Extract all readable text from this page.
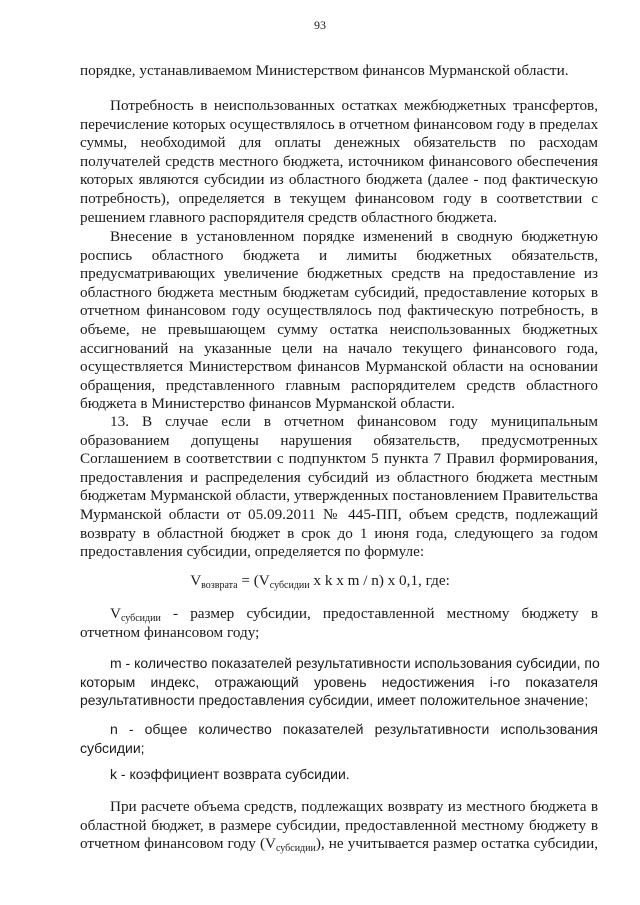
93
порядке, устанавливаемом Министерством финансов Мурманской области.
Потребность в неиспользованных остатках межбюджетных трансфертов,
перечисление которых осуществлялось в отчетном финансовом году в пределах
суммы, необходимой для оплаты денежных обязательств по расходам
получателей средств местного бюджета, источником финансового обеспечения
которых являются субсидии из областного бюджета (далее - под фактическую
потребность), определяется в текущем финансовом году в соответствии с
решением главного распорядителя средств областного бюджета.
Внесение в установленном порядке изменений в сводную бюджетную
роспись областного бюджета и лимиты бюджетных обязательств,
предусматривающих увеличение бюджетных средств на предоставление из
областного бюджета местным бюджетам субсидий, предоставление которых в
отчетном финансовом году осуществлялось под фактическую потребность, в
объеме, не превышающем сумму остатка неиспользованных бюджетных
ассигнований на указанные цели на начало текущего финансового года,
осуществляется Министерством финансов Мурманской области на основании
обращения, представленного главным распорядителем средств областного
бюджета в Министерство финансов Мурманской области.
13. В случае если в отчетном финансовом году муниципальным
образованием допущены нарушения обязательств, предусмотренных
Соглашением в соответствии с подпунктом 5 пункта 7 Правил формирования,
предоставления и распределения субсидий из областного бюджета местным
бюджетам Мурманской области, утвержденных постановлением Правительства
Мурманской области от 05.09.2011 № 445-ПП, объем средств, подлежащий
возврату в областной бюджет в срок до 1 июня года, следующего за годом
предоставления субсидии, определяется по формуле:
$V_{возврата} = (V_{субсидии}$ x k x m / n) x 0,1, где:
$V_{субсидии}$ - размер субсидии, предоставленной местному бюджету в
отчетном финансовом году;
m - количество показателей результативности использования субсидии, по
которым индекс, отражающий уровень недостижения i-го показателя
результативности предоставления субсидии, имеет положительное значение;
n - общее количество показателей результативности использования
субсидии;
k - коэффициент возврата субсидии.
При расчете объема средств, подлежащих возврату из местного бюджета в
областной бюджет, в размере субсидии, предоставленной местному бюджету в
отчетном финансовом году $(V_{субсидии})$, не учитывается размер остатка субсидии,
